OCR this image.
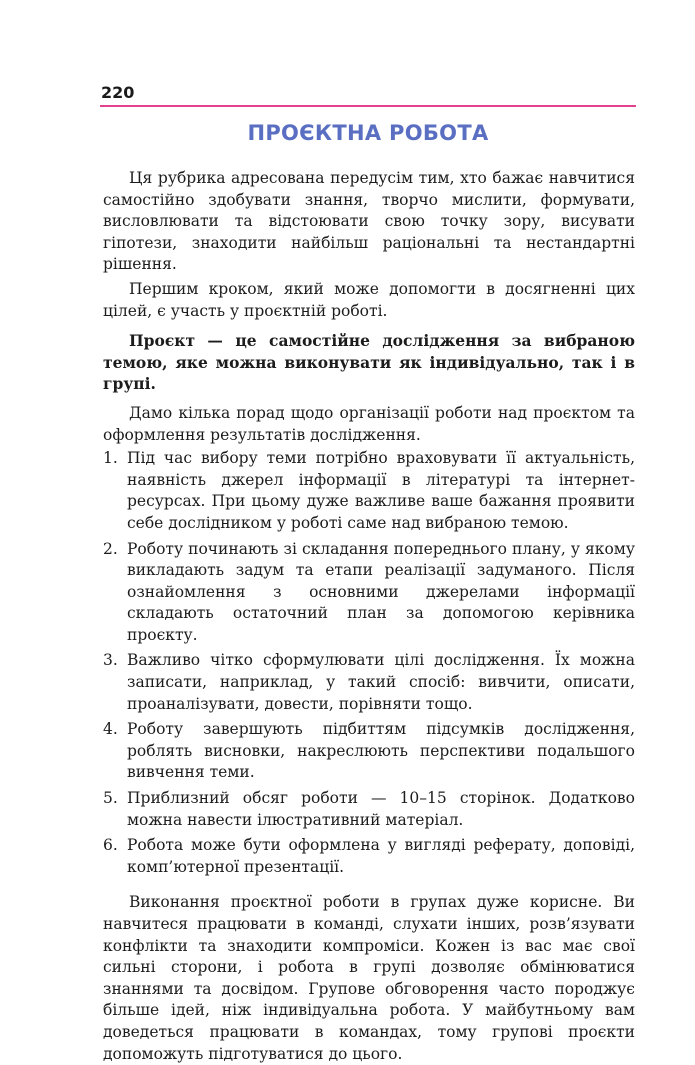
220
ПРОЄКТНА РОБОТА

Ця рубрика адресована передусім тим, хто бажає навчитися самостійно здобувати знання, творчо мислити, формувати, висловлювати та відстоювати свою точку зору, висувати гіпотези, знаходити найбільш раціональні та нестандартні рішення.

Першим кроком, який може допомогти в досягненні цих цілей, є участь у проєктній роботі.

Проєкт — це самостійне дослідження за вибраною темою, яке можна виконувати як індивідуально, так і в групі.

Дамо кілька порад щодо організації роботи над проєктом та оформлення результатів дослідження.

1. Під час вибору теми потрібно враховувати її актуальність, наявність джерел інформації в літературі та інтернет-ресурсах. При цьому дуже важливе ваше бажання проявити себе дослідником у роботі саме над вибраною темою.
2. Роботу починають зі складання попереднього плану, у якому викладають задум та етапи реалізації задуманого. Після ознайомлення з основними джерелами інформації складають остаточний план за допомогою керівника проєкту.
3. Важливо чітко сформулювати цілі дослідження. Їх можна записати, наприклад, у такий спосіб: вивчити, описати, проаналізувати, довести, порівняти тощо.
4. Роботу завершують підбиттям підсумків дослідження, роблять висновки, накреслюють перспективи подальшого вивчення теми.
5. Приблизний обсяг роботи — 10–15 сторінок. Додатково можна навести ілюстративний матеріал.
6. Робота може бути оформлена у вигляді реферату, доповіді, комп’ютерної презентації.

Виконання проєктної роботи в групах дуже корисне. Ви навчитеся працювати в команді, слухати інших, розв’язувати конфлікти та знаходити компроміси. Кожен із вас має свої сильні сторони, і робота в групі дозволяє обмінюватися знаннями та досвідом. Групове обговорення часто породжує більше ідей, ніж індивідуальна робота. У майбутньому вам доведеться працювати в командах, тому групові проєкти допоможуть підготуватися до цього.
